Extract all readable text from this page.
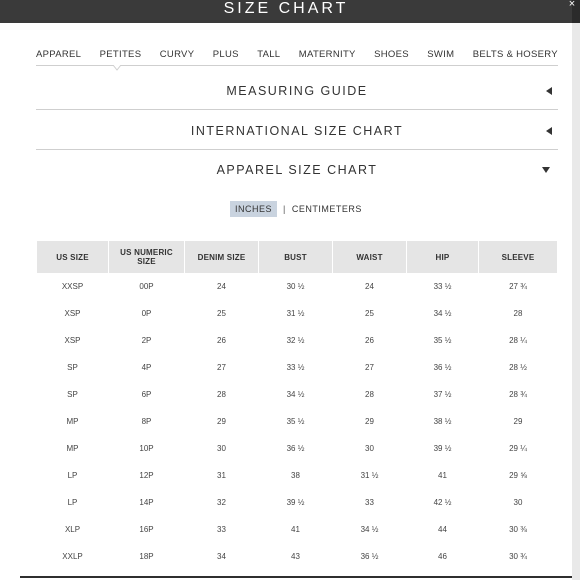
SIZE CHART	×
APPAREL PETITES CURVY PLUS TALL MATERNITY SHOES SWIM BELTS & HOSERY
MEASURING GUIDE
INTERNATIONAL SIZE CHART
APPAREL SIZE CHART
INCHES	| CENTIMETERS
US SIZE	US NUMERIC SIZE	DENIM SIZE	BUST	WAIST	HIP	SLEEVE
XXSP	00P	24	30 ½	24	33 ½	27 ¾
XSP	0P	25	31 ½	25	34 ½	28
XSP	2P	26	32 ½	26	35 ½	28 ¼
SP	4P	27	33 ½	27	36 ½	28 ½
SP	6P	28	34 ½	28	37 ½	28 ¾
MP	8P	29	35 ½	29	38 ½	29
MP	10P	30	36 ½	30	39 ½	29 ¼
LP	12P	31	38	31 ½	41	29 ⅝
LP	14P	32	39 ½	33	42 ½	30
XLP	16P	33	41	34 ½	44	30 ⅜
XXLP	18P	34	43	36 ½	46	30 ¾
